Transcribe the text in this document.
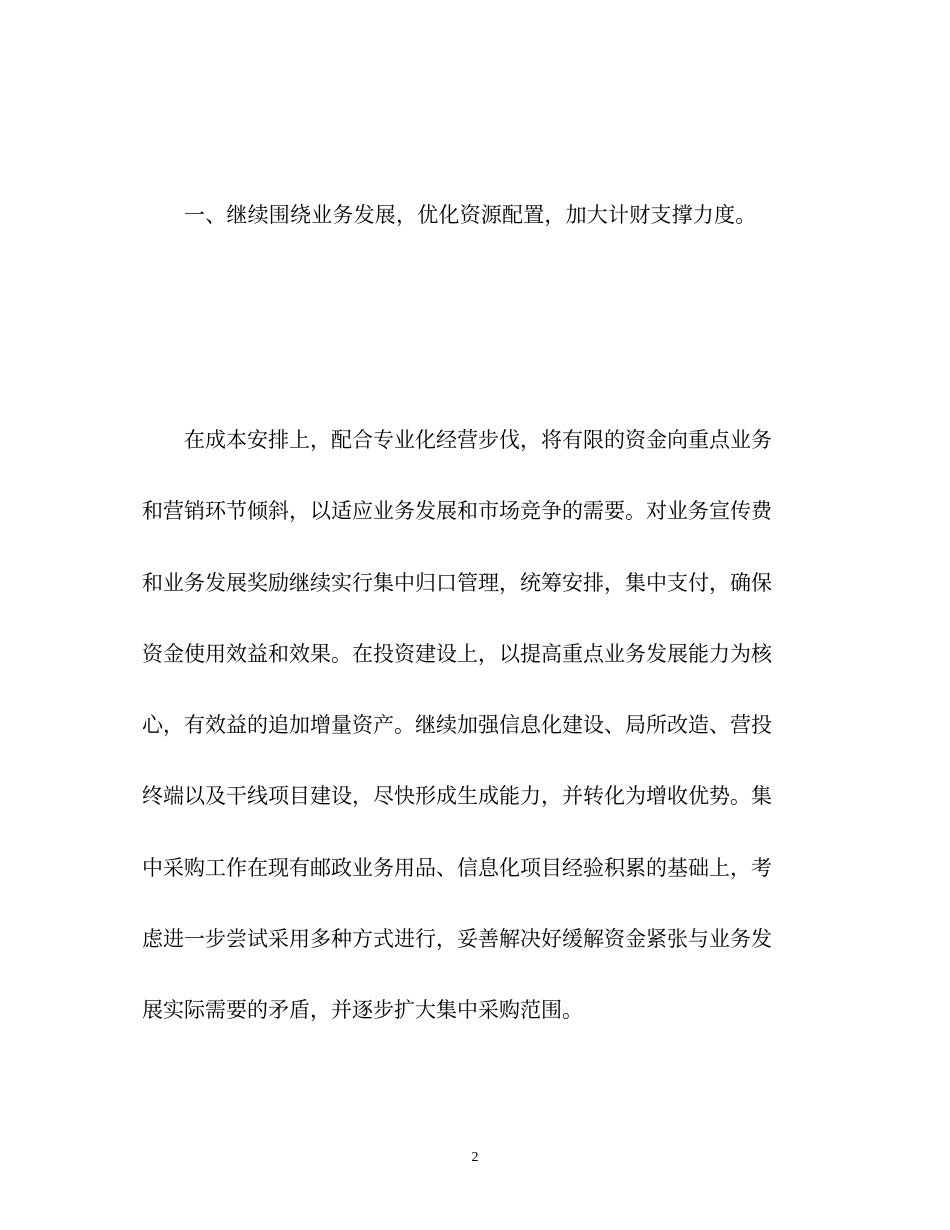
一、继续围绕业务发展，优化资源配置，加大计财支撑力度。
在成本安排上，配合专业化经营步伐，将有限的资金向重点业务
和营销环节倾斜，以适应业务发展和市场竞争的需要。对业务宣传费
和业务发展奖励继续实行集中归口管理，统筹安排，集中支付，确保
资金使用效益和效果。在投资建设上，以提高重点业务发展能力为核
心，有效益的追加增量资产。继续加强信息化建设、局所改造、营投
终端以及干线项目建设，尽快形成生成能力，并转化为增收优势。集
中采购工作在现有邮政业务用品、信息化项目经验积累的基础上，考
虑进一步尝试采用多种方式进行，妥善解决好缓解资金紧张与业务发
展实际需要的矛盾，并逐步扩大集中采购范围。
2
